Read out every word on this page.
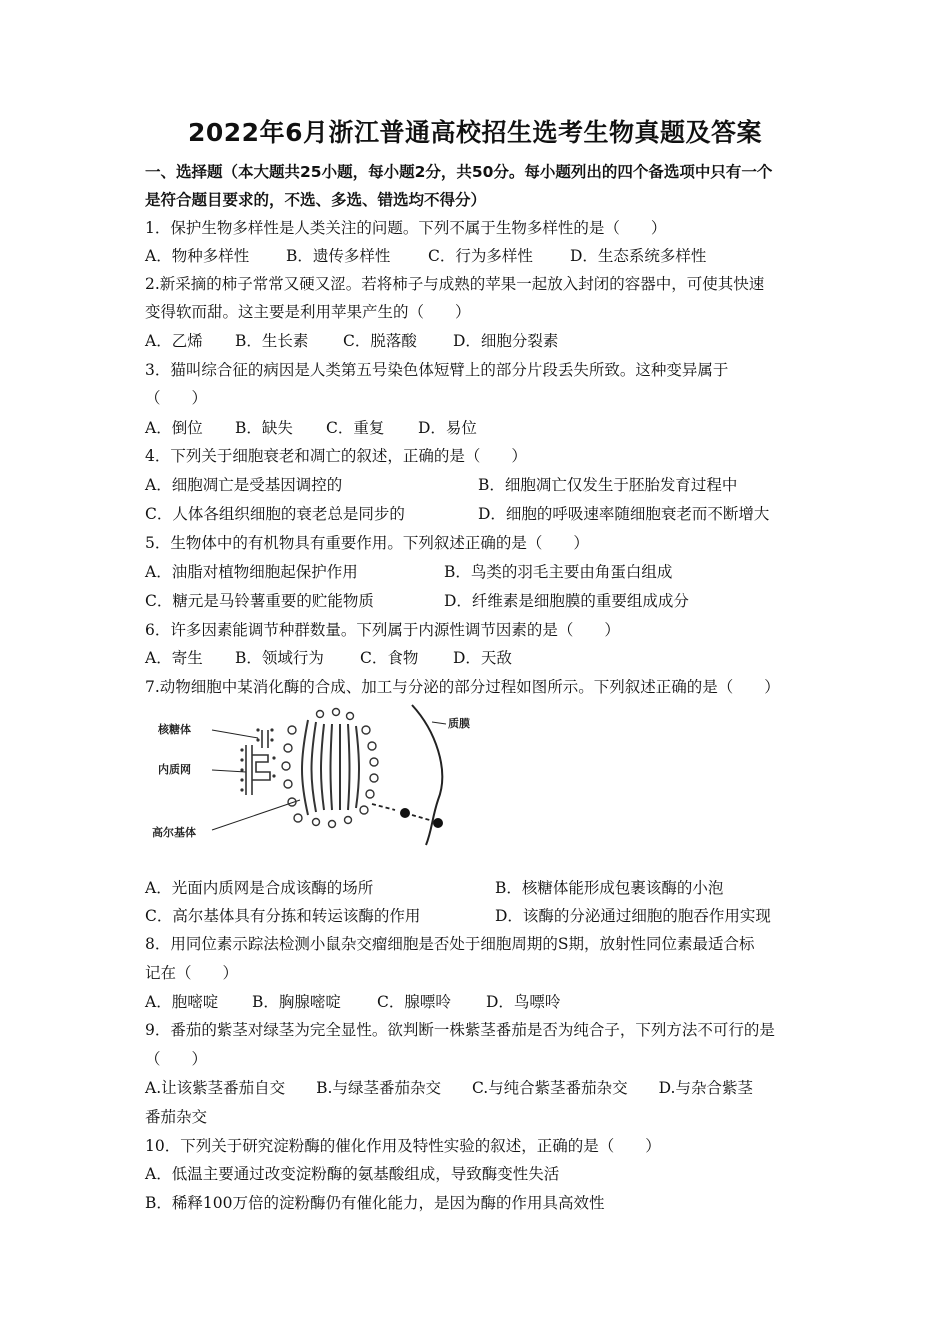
2022年6月浙江普通高校招生选考生物真题及答案
一、选择题（本大题共25小题，每小题2分，共50分。每小题列出的四个备选项中只有一个
是符合题目要求的，不选、多选、错选均不得分）
1．保护生物多样性是人类关注的问题。下列不属于生物多样性的是（　　）
A．物种多样性 B．遗传多样性 C．行为多样性 D．生态系统多样性
2.新采摘的柿子常常又硬又涩。若将柿子与成熟的苹果一起放入封闭的容器中，可使其快速
变得软而甜。这主要是利用苹果产生的（　　）
A．乙烯 B．生长素 C．脱落酸 D．细胞分裂素
3．猫叫综合征的病因是人类第五号染色体短臂上的部分片段丢失所致。这种变异属于
（　　）
A．倒位 B．缺失 C．重复 D．易位
4．下列关于细胞衰老和凋亡的叙述，正确的是（　　）
A．细胞凋亡是受基因调控的	B．细胞凋亡仅发生于胚胎发育过程中
C．人体各组织细胞的衰老总是同步的	D．细胞的呼吸速率随细胞衰老而不断增大
5．生物体中的有机物具有重要作用。下列叙述正确的是（　　）
A．油脂对植物细胞起保护作用	B．鸟类的羽毛主要由角蛋白组成
C．糖元是马铃薯重要的贮能物质	D．纤维素是细胞膜的重要组成成分
6．许多因素能调节种群数量。下列属于内源性调节因素的是（　　）
A．寄生 B．领域行为 C．食物 D．天敌
7.动物细胞中某消化酶的合成、加工与分泌的部分过程如图所示。下列叙述正确的是（　　）
核糖体
内质网
高尔基体
质膜
A．光面内质网是合成该酶的场所	B．核糖体能形成包裹该酶的小泡
C．高尔基体具有分拣和转运该酶的作用	D．该酶的分泌通过细胞的胞吞作用实现
8．用同位素示踪法检测小鼠杂交瘤细胞是否处于细胞周期的S期，放射性同位素最适合标
记在（　　）
A．胞嘧啶 B．胸腺嘧啶 C．腺嘌呤 D．鸟嘌呤
9．番茄的紫茎对绿茎为完全显性。欲判断一株紫茎番茄是否为纯合子，下列方法不可行的是
（　　）
A.让该紫茎番茄自交　　B.与绿茎番茄杂交　　C.与纯合紫茎番茄杂交　　D.与杂合紫茎
番茄杂交
10．下列关于研究淀粉酶的催化作用及特性实验的叙述，正确的是（　　）
A．低温主要通过改变淀粉酶的氨基酸组成，导致酶变性失活
B．稀释100万倍的淀粉酶仍有催化能力，是因为酶的作用具高效性
